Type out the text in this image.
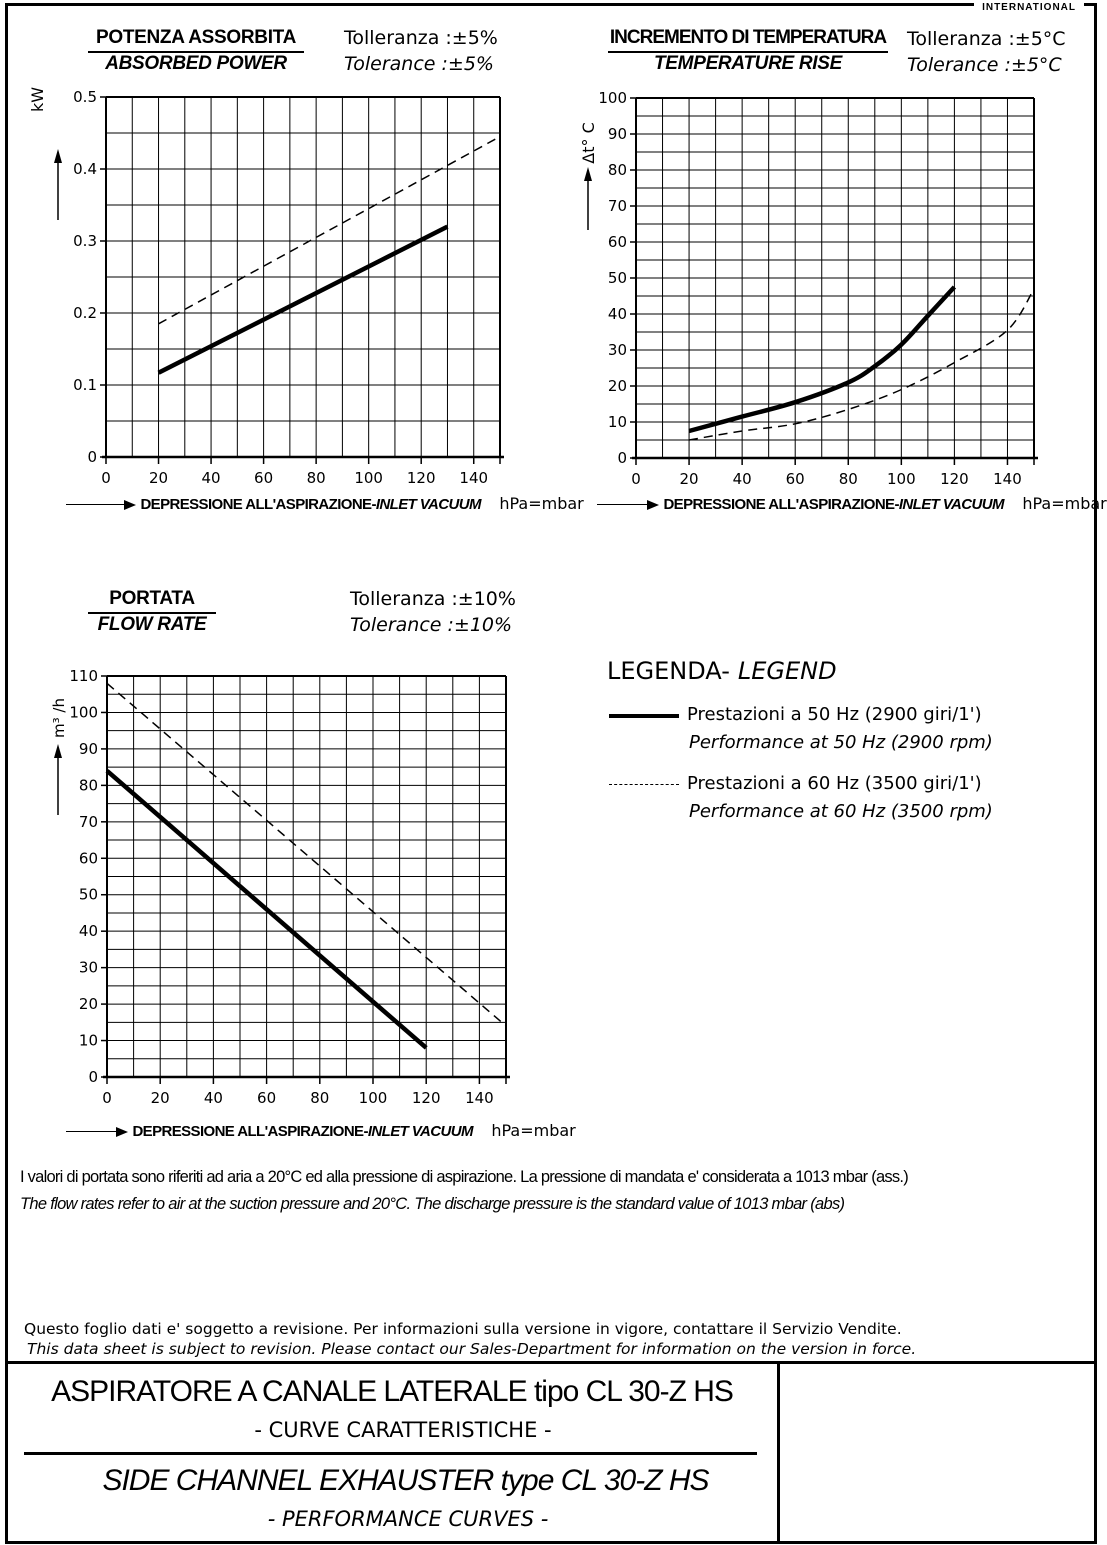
INTERNATIONAL
POTENZA ASSORBITA
ABSORBED POWER
Tolleranza :±5%
Tolerance :±5%
0
0.1
0.2
0.3
0.4
0.5
0	20 40 60 80 100 120 140
kW
DEPRESSIONE ALL'ASPIRAZIONE-INLET VACUUM hPa=mbar
INCREMENTO DI TEMPERATURA
TEMPERATURE RISE
Tolleranza :±5°C
Tolerance :±5°C
0
10
20
30
40
50
60
70
80
90
100
0	20 40 60 80 100 120 140
Δt° C
DEPRESSIONE ALL'ASPIRAZIONE-INLET VACUUM hPa=mbar
PORTATA
FLOW RATE
Tolleranza :±10%
Tolerance :±10%
0
10
20
30
40
50
60
70
80
90
100
110
0	20 40 60 80 100 120 140
m³ /h
DEPRESSIONE ALL'ASPIRAZIONE-INLET VACUUM hPa=mbar
LEGENDA- LEGEND
Prestazioni a 50 Hz (2900 giri/1')
Performance at 50 Hz (2900 rpm)
Prestazioni a 60 Hz (3500 giri/1')
Performance at 60 Hz (3500 rpm)
I valori di portata sono riferiti ad aria a 20°C ed alla pressione di aspirazione. La pressione di mandata e' considerata a 1013 mbar (ass.)
The flow rates refer to air at the suction pressure and 20°C. The discharge pressure is the standard value of 1013 mbar (abs)
Questo foglio dati e' soggetto a revisione. Per informazioni sulla versione in vigore, contattare il Servizio Vendite.
This data sheet is subject to revision. Please contact our Sales-Department for information on the version in force.
ASPIRATORE A CANALE LATERALE tipo CL 30-Z HS
- CURVE CARATTERISTICHE -
SIDE CHANNEL EXHAUSTER type CL 30-Z HS
- PERFORMANCE CURVES -
